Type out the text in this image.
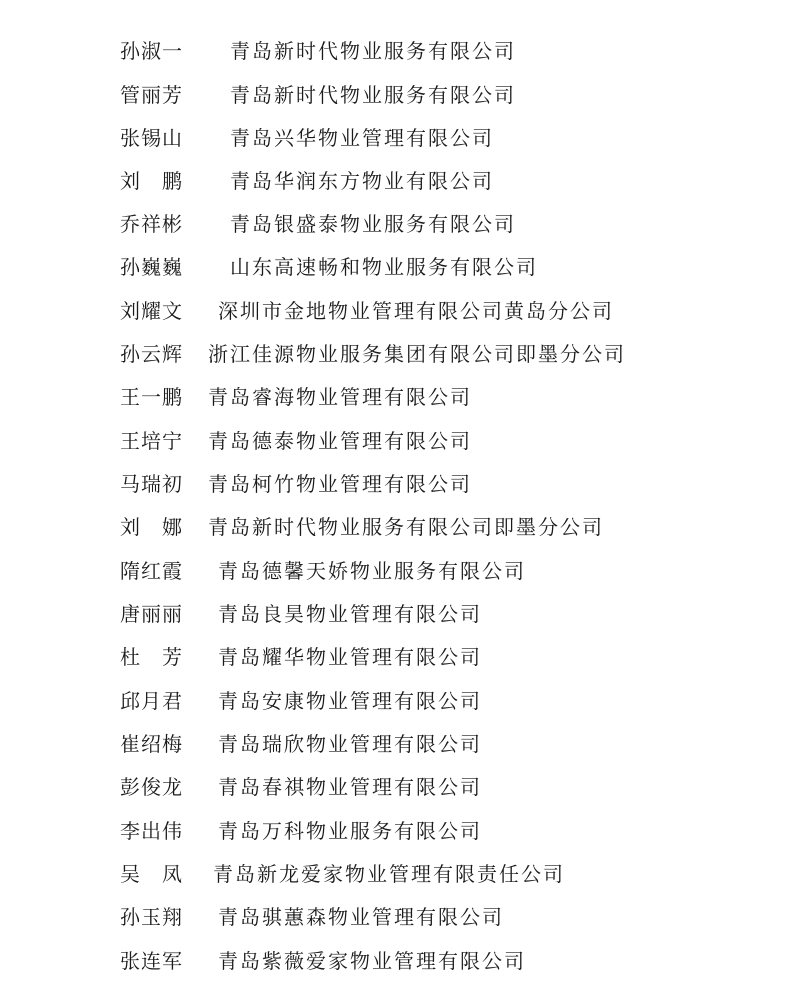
孙淑一 青岛新时代物业服务有限公司
管丽芳 青岛新时代物业服务有限公司
张锡山 青岛兴华物业管理有限公司
刘　鹏 青岛华润东方物业有限公司
乔祥彬 青岛银盛泰物业服务有限公司
孙巍巍 山东高速畅和物业服务有限公司
刘耀文 深圳市金地物业管理有限公司黄岛分公司
孙云辉 浙江佳源物业服务集团有限公司即墨分公司
王一鹏 青岛睿海物业管理有限公司
王培宁 青岛德泰物业管理有限公司
马瑞初 青岛柯竹物业管理有限公司
刘　娜 青岛新时代物业服务有限公司即墨分公司
隋红霞 青岛德馨天娇物业服务有限公司
唐丽丽 青岛良昊物业管理有限公司
杜　芳 青岛耀华物业管理有限公司
邱月君 青岛安康物业管理有限公司
崔绍梅 青岛瑞欣物业管理有限公司
彭俊龙 青岛春祺物业管理有限公司
李出伟 青岛万科物业服务有限公司
吴　凤 青岛新龙爱家物业管理有限责任公司
孙玉翔 青岛骐蕙森物业管理有限公司
张连军 青岛紫薇爱家物业管理有限公司
